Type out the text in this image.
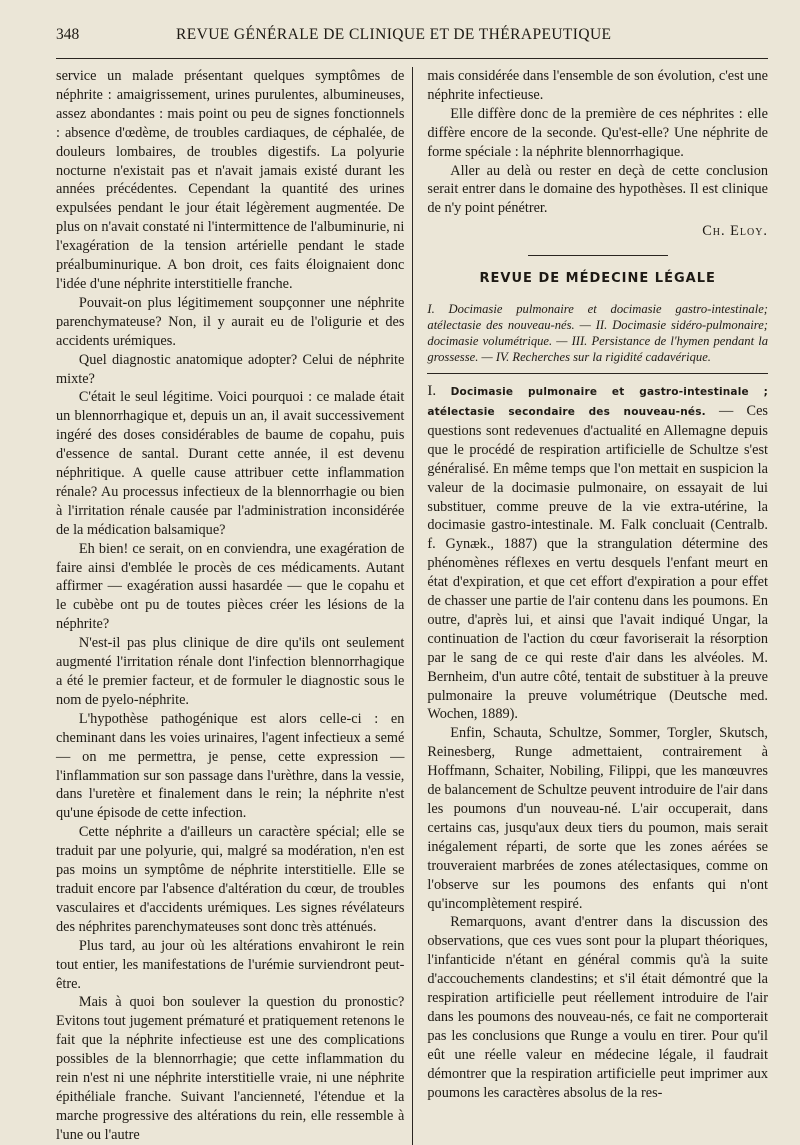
348	REVUE GÉNÉRALE DE CLINIQUE ET DE THÉRAPEUTIQUE

service un malade présentant quelques symptômes de néphrite : amaigrissement, urines purulentes, albumineuses, assez abondantes : mais point ou peu de signes fonctionnels : absence d'œdème, de troubles cardiaques, de céphalée, de douleurs lombaires, de troubles digestifs. La polyurie nocturne n'existait pas et n'avait jamais existé durant les années précédentes. Cependant la quantité des urines expulsées pendant le jour était légèrement augmentée. De plus on n'avait constaté ni l'intermittence de l'albuminurie, ni l'exagération de la tension artérielle pendant le stade préalbuminurique. A bon droit, ces faits éloignaient donc l'idée d'une néphrite interstitielle franche.

Pouvait-on plus légitimement soupçonner une néphrite parenchymateuse? Non, il y aurait eu de l'oligurie et des accidents urémiques.

Quel diagnostic anatomique adopter? Celui de néphrite mixte?

C'était le seul légitime. Voici pourquoi : ce malade était un blennorrhagique et, depuis un an, il avait successivement ingéré des doses considérables de baume de copahu, puis d'essence de santal. Durant cette année, il est devenu néphritique. A quelle cause attribuer cette inflammation rénale? Au processus infectieux de la blennorrhagie ou bien à l'irritation rénale causée par l'administration inconsidérée de la médication balsamique?

Eh bien! ce serait, on en conviendra, une exagération de faire ainsi d'emblée le procès de ces médicaments. Autant affirmer — exagération aussi hasardée — que le copahu et le cubèbe ont pu de toutes pièces créer les lésions de la néphrite?

N'est-il pas plus clinique de dire qu'ils ont seulement augmenté l'irritation rénale dont l'infection blennorrhagique a été le premier facteur, et de formuler le diagnostic sous le nom de pyelo-néphrite.

L'hypothèse pathogénique est alors celle-ci : en cheminant dans les voies urinaires, l'agent infectieux a semé — on me permettra, je pense, cette expression — l'inflammation sur son passage dans l'urèthre, dans la vessie, dans l'uretère et finalement dans le rein; la néphrite n'est qu'une épisode de cette infection.

Cette néphrite a d'ailleurs un caractère spécial; elle se traduit par une polyurie, qui, malgré sa modération, n'en est pas moins un symptôme de néphrite interstitielle. Elle se traduit encore par l'absence d'altération du cœur, de troubles vasculaires et d'accidents urémiques. Les signes révélateurs des néphrites parenchymateuses sont donc très atténués.

Plus tard, au jour où les altérations envahiront le rein tout entier, les manifestations de l'urémie surviendront peut-être.

Mais à quoi bon soulever la question du pronostic? Evitons tout jugement prématuré et pratiquement retenons le fait que la néphrite infectieuse est une des complications possibles de la blennorrhagie; que cette inflammation du rein n'est ni une néphrite interstitielle vraie, ni une néphrite épithéliale franche. Suivant l'ancienneté, l'étendue et la marche progressive des altérations du rein, elle ressemble à l'une ou l'autre

mais considérée dans l'ensemble de son évolution, c'est une néphrite infectieuse.

Elle diffère donc de la première de ces néphrites : elle diffère encore de la seconde. Qu'est-elle? Une néphrite de forme spéciale : la néphrite blennorrhagique.

Aller au delà ou rester en deçà de cette conclusion serait entrer dans le domaine des hypothèses. Il est clinique de n'y point pénétrer.

Ch. Eloy.
REVUE DE MÉDECINE LÉGALE
I. Docimasie pulmonaire et docimasie gastro-intestinale; atélectasie des nouveau-nés. — II. Docimasie sidéro-pulmonaire; docimasie volumétrique. — III. Persistance de l'hymen pendant la grossesse. — IV. Recherches sur la rigidité cadavérique.
I. Docimasie pulmonaire et gastro-intestinale ; atélectasie secondaire des nouveau-nés. — Ces questions sont redevenues d'actualité en Allemagne depuis que le procédé de respiration artificielle de Schultze s'est généralisé. En même temps que l'on mettait en suspicion la valeur de la docimasie pulmonaire, on essayait de lui substituer, comme preuve de la vie extra-utérine, la docimasie gastro-intestinale. M. Falk concluait (Centralb. f. Gynæk., 1887) que la strangulation détermine des phénomènes réflexes en vertu desquels l'enfant meurt en état d'expiration, et que cet effort d'expiration a pour effet de chasser une partie de l'air contenu dans les poumons. En outre, d'après lui, et ainsi que l'avait indiqué Ungar, la continuation de l'action du cœur favoriserait la résorption par le sang de ce qui reste d'air dans les alvéoles. M. Bernheim, d'un autre côté, tentait de substituer à la preuve pulmonaire la preuve volumétrique (Deutsche med. Wochen, 1889).

Enfin, Schauta, Schultze, Sommer, Torgler, Skutsch, Reinesberg, Runge admettaient, contrairement à Hoffmann, Schaiter, Nobiling, Filippi, que les manœuvres de balancement de Schultze peuvent introduire de l'air dans les poumons d'un nouveau-né. L'air occuperait, dans certains cas, jusqu'aux deux tiers du poumon, mais serait inégalement réparti, de sorte que les zones aérées se trouveraient marbrées de zones atélectasiques, comme on l'observe sur les poumons des enfants qui n'ont qu'incomplètement respiré.

Remarquons, avant d'entrer dans la discussion des observations, que ces vues sont pour la plupart théoriques, l'infanticide n'étant en général commis qu'à la suite d'accouchements clandestins; et s'il était démontré que la respiration artificielle peut réellement introduire de l'air dans les poumons des nouveau-nés, ce fait ne comporterait pas les conclusions que Runge a voulu en tirer. Pour qu'il eût une réelle valeur en médecine légale, il faudrait démontrer que la respiration artificielle peut imprimer aux poumons les caractères absolus de la res-
